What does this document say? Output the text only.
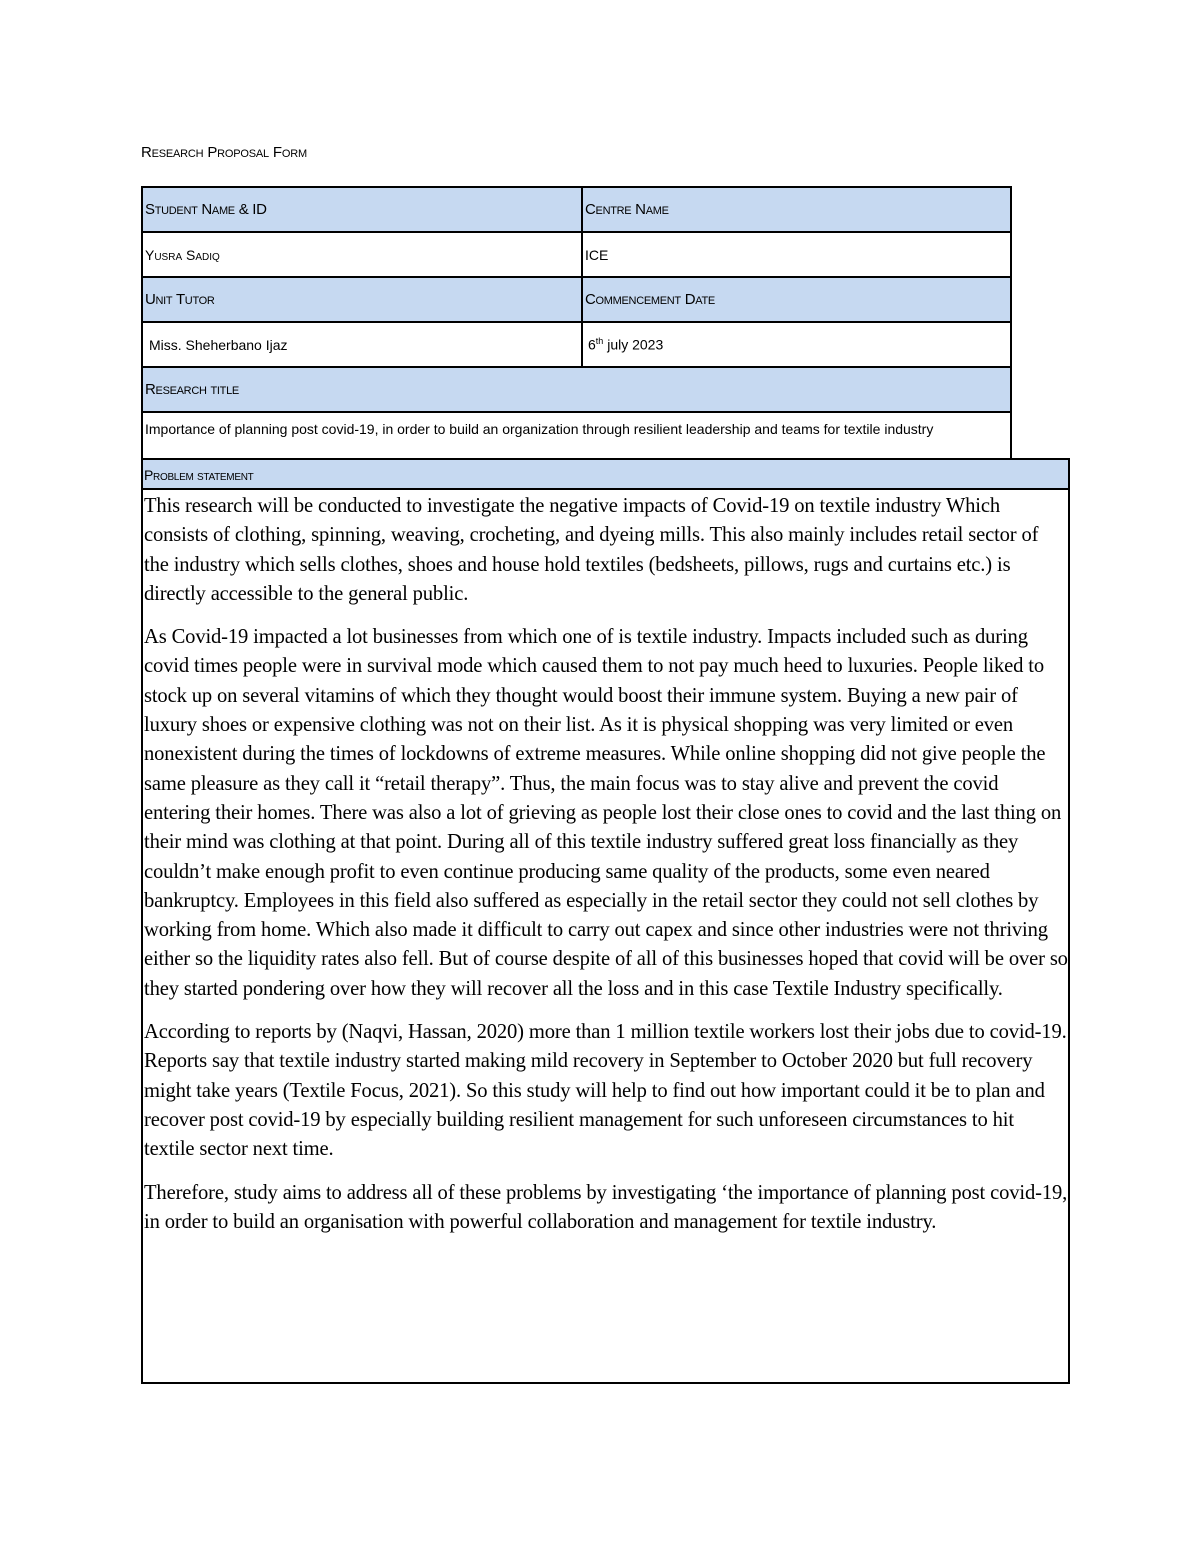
Research Proposal Form
Student Name & ID	Centre Name
Yusra Sadiq	ICE
Unit Tutor	Commencement Date
Miss. Sheherbano Ijaz	6th july 2023
Research title	
Importance of planning post covid-19, in order to build an organization through resilient leadership and teams for textile industry	
Problem statement

This research will be conducted to investigate the negative impacts of Covid-19 on textile industry Which consists of clothing, spinning, weaving, crocheting, and dyeing mills. This also mainly includes retail sector of the industry which sells clothes, shoes and house hold textiles (bedsheets, pillows, rugs and curtains etc.) is directly accessible to the general public.

As Covid-19 impacted a lot businesses from which one of is textile industry. Impacts included such as during covid times people were in survival mode which caused them to not pay much heed to luxuries. People liked to stock up on several vitamins of which they thought would boost their immune system. Buying a new pair of luxury shoes or expensive clothing was not on their list. As it is physical shopping was very limited or even nonexistent during the times of lockdowns of extreme measures. While online shopping did not give people the same pleasure as they call it “retail therapy”. Thus, the main focus was to stay alive and prevent the covid entering their homes. There was also a lot of grieving as people lost their close ones to covid and the last thing on their mind was clothing at that point. During all of this textile industry suffered great loss financially as they couldn’t make enough profit to even continue producing same quality of the products, some even neared bankruptcy. Employees in this field also suffered as especially in the retail sector they could not sell clothes by working from home. Which also made it difficult to carry out capex and since other industries were not thriving either so the liquidity rates also fell. But of course despite of all of this businesses hoped that covid will be over so they started pondering over how they will recover all the loss and in this case Textile Industry specifically.

According to reports by (Naqvi, Hassan, 2020) more than 1 million textile workers lost their jobs due to covid-19. Reports say that textile industry started making mild recovery in September to October 2020 but full recovery might take years (Textile Focus, 2021). So this study will help to find out how important could it be to plan and recover post covid-19 by especially building resilient management for such unforeseen circumstances to hit textile sector next time.

Therefore, study aims to address all of these problems by investigating ‘the importance of planning post covid-19, in order to build an organisation with powerful collaboration and management for textile industry.
